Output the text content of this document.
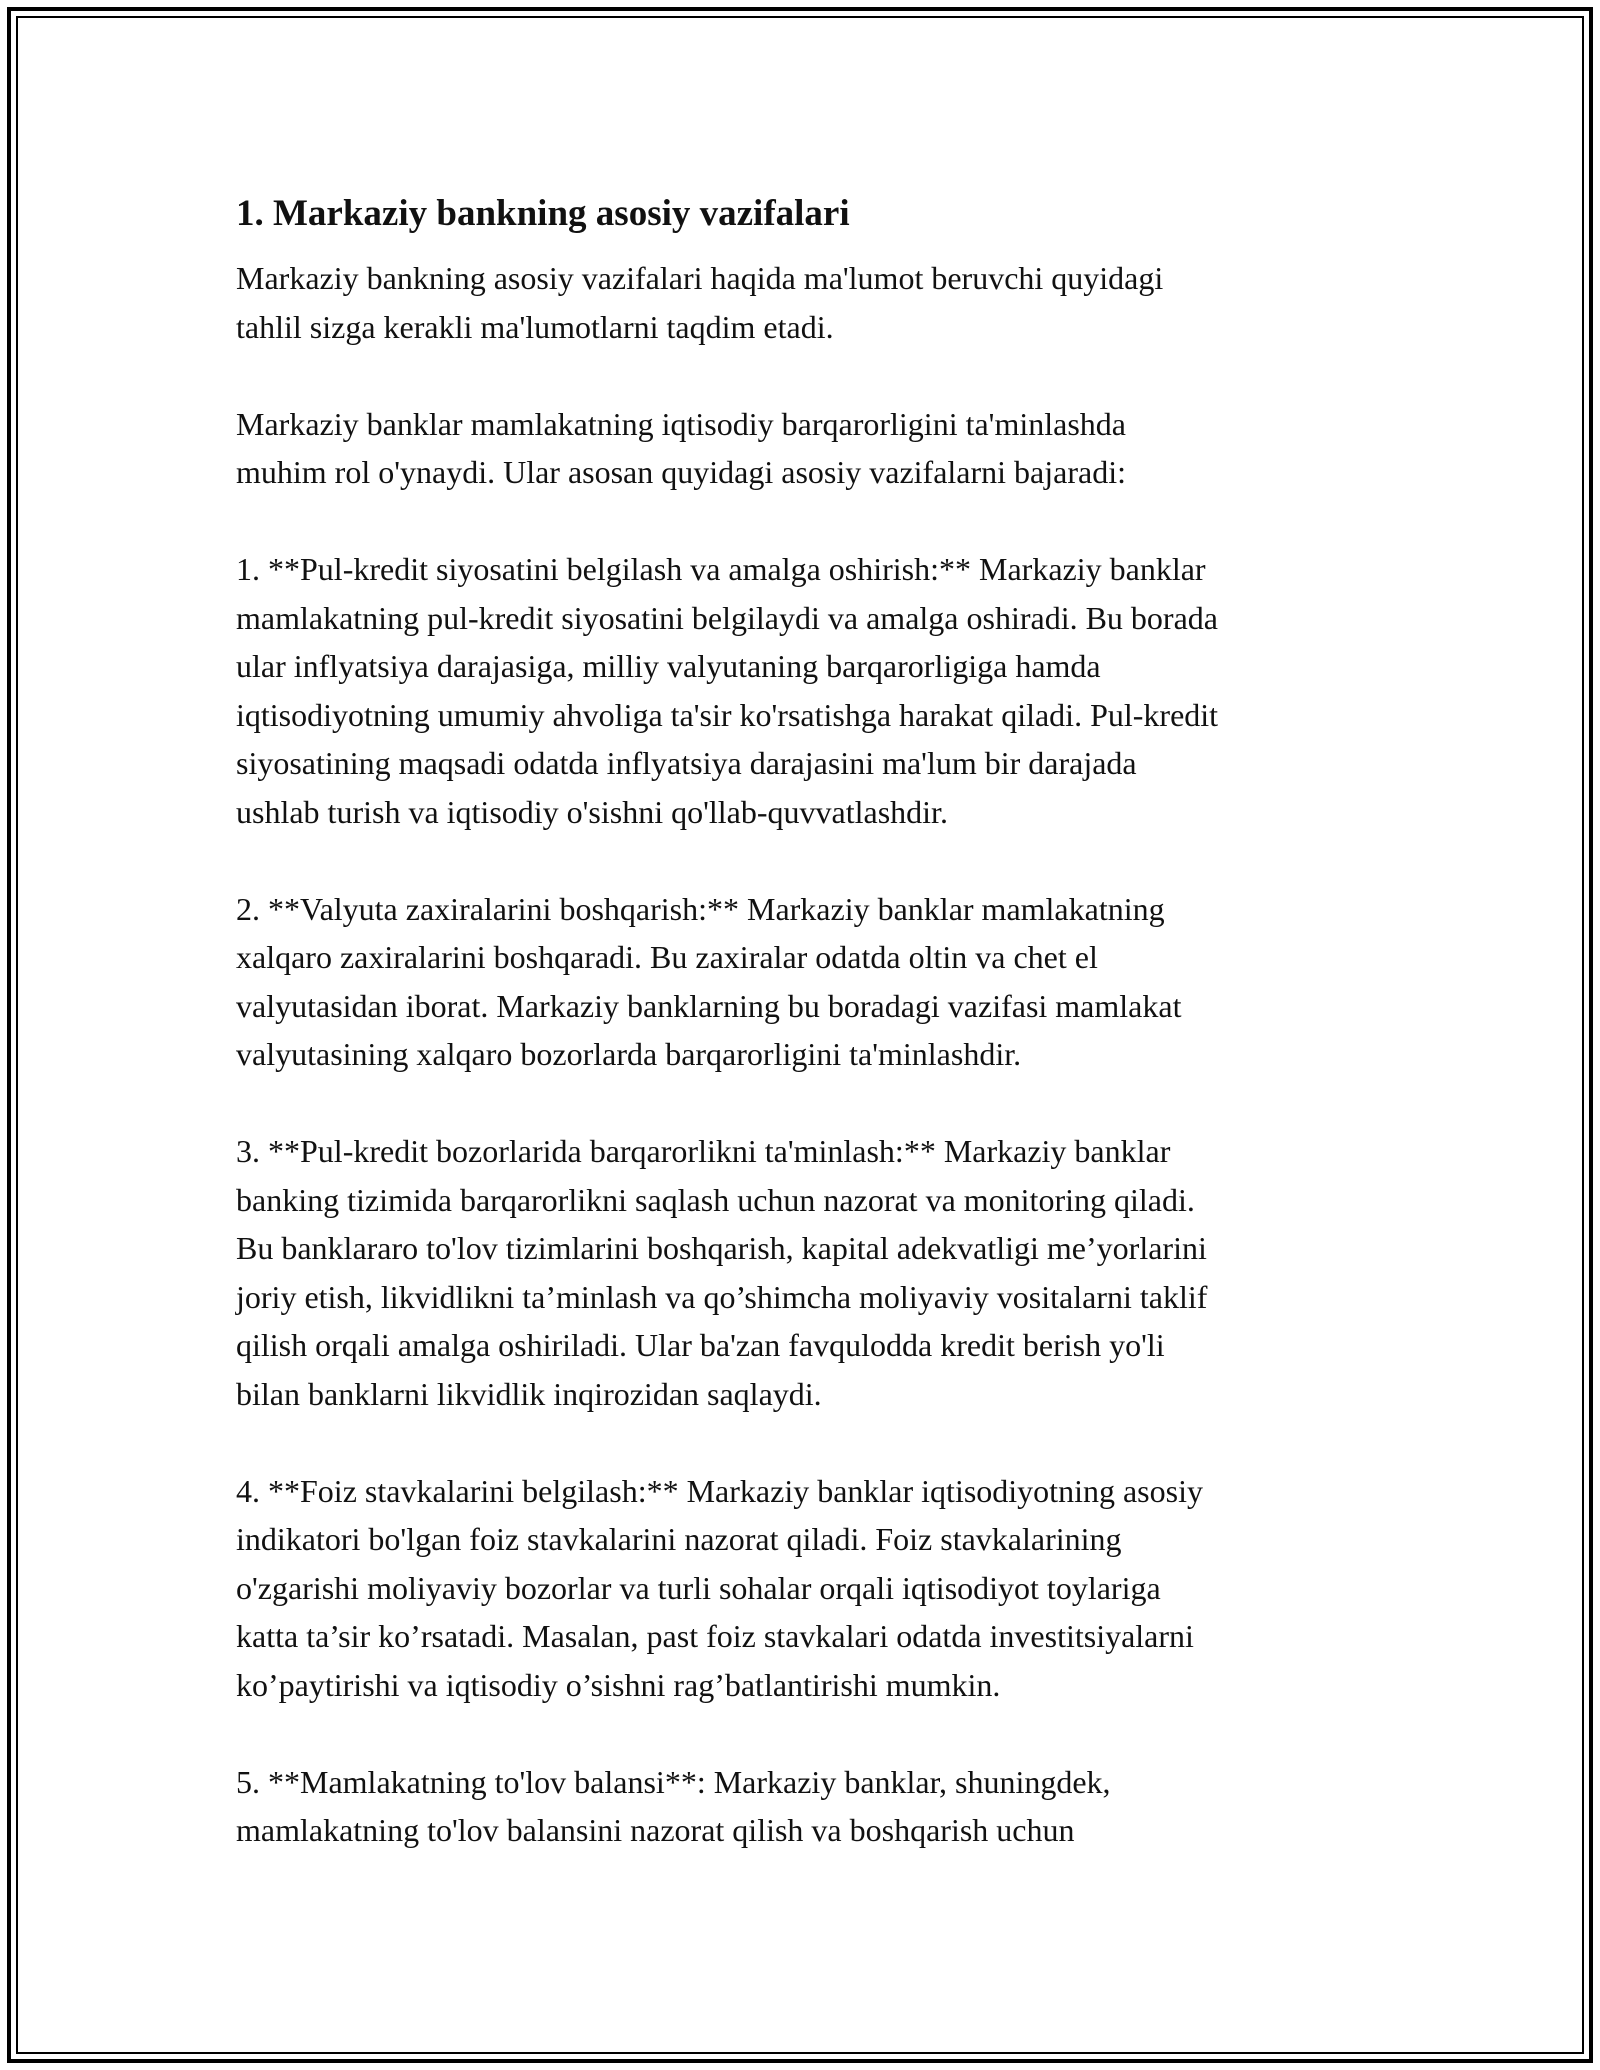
1. Markaziy bankning asosiy vazifalari
Markaziy bankning asosiy vazifalari haqida ma'lumot beruvchi quyidagi
tahlil sizga kerakli ma'lumotlarni taqdim etadi.
Markaziy banklar mamlakatning iqtisodiy barqarorligini ta'minlashda
muhim rol o'ynaydi. Ular asosan quyidagi asosiy vazifalarni bajaradi:
1. **Pul-kredit siyosatini belgilash va amalga oshirish:** Markaziy banklar
mamlakatning pul-kredit siyosatini belgilaydi va amalga oshiradi. Bu borada
ular inflyatsiya darajasiga, milliy valyutaning barqarorligiga hamda
iqtisodiyotning umumiy ahvoliga ta'sir ko'rsatishga harakat qiladi. Pul-kredit
siyosatining maqsadi odatda inflyatsiya darajasini ma'lum bir darajada
ushlab turish va iqtisodiy o'sishni qo'llab-quvvatlashdir.
2. **Valyuta zaxiralarini boshqarish:** Markaziy banklar mamlakatning
xalqaro zaxiralarini boshqaradi. Bu zaxiralar odatda oltin va chet el
valyutasidan iborat. Markaziy banklarning bu boradagi vazifasi mamlakat
valyutasining xalqaro bozorlarda barqarorligini ta'minlashdir.
3. **Pul-kredit bozorlarida barqarorlikni ta'minlash:** Markaziy banklar
banking tizimida barqarorlikni saqlash uchun nazorat va monitoring qiladi.
Bu banklararo to'lov tizimlarini boshqarish, kapital adekvatligi me’yorlarini
joriy etish, likvidlikni ta’minlash va qo’shimcha moliyaviy vositalarni taklif
qilish orqali amalga oshiriladi. Ular ba'zan favqulodda kredit berish yo'li
bilan banklarni likvidlik inqirozidan saqlaydi.
4. **Foiz stavkalarini belgilash:** Markaziy banklar iqtisodiyotning asosiy
indikatori bo'lgan foiz stavkalarini nazorat qiladi. Foiz stavkalarining
o'zgarishi moliyaviy bozorlar va turli sohalar orqali iqtisodiyot toylariga
katta ta’sir ko’rsatadi. Masalan, past foiz stavkalari odatda investitsiyalarni
ko’paytirishi va iqtisodiy o’sishni rag’batlantirishi mumkin.
5. **Mamlakatning to'lov balansi**: Markaziy banklar, shuningdek,
mamlakatning to'lov balansini nazorat qilish va boshqarish uchun
